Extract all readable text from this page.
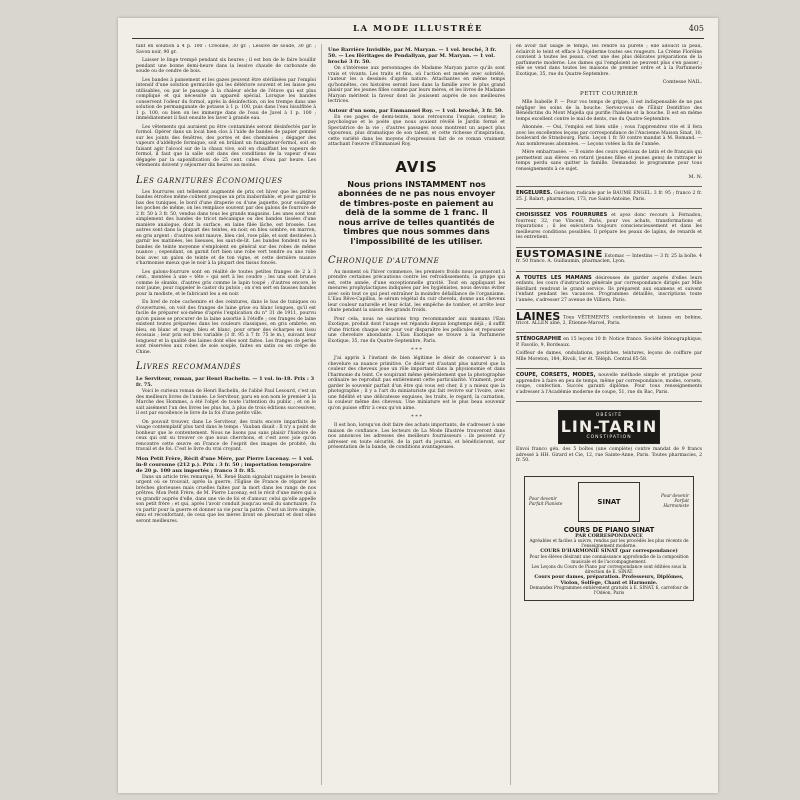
LA MODE ILLUSTRÉE	405

tant en solution à 4 p. 100 : Créoline, 30 gr. ; Lessive de soude, 30 gr. ; Savon noir, 90 gr.

Laisser le linge trempé pendant six heures ; il est bon de le faire bouillir pendant une bonne demi-heure dans la lessive chaude de carbonate de soude ou de cendre de bois.

Les bandes à pansement et les gazes peuvent être stérilisées par l'emploi intensif d'une solution germicide qui les détériore souvent et les laisse peu utilisables, ou par le passage à la chaleur sèche de l'étuve qui est plus compliqué et qui nécessite un appareil spécial. Lorsque les bandes conservent l'odeur du formol, après la désinfection, on les trempe dans une solution de permanganate de potasse à 1 p. 100, puis dans l'eau bisulfitée à 1 p. 100, ou bien on les immerge dans de l'eau de Javel à 1 p. 100 ; immédiatement il faut ensuite les laver à grande eau.

Les vêtements qui auraient pu être contaminés seront désinfectés par le formol. Opérer dans un local bien clos à l'aide de bandes de papier gommé sur les joints des fenêtres, des portes et des cheminées ; dégager des vapeurs d'aldéhyde formique, soit en brûlant un fumigateur-formol, soit en faisant agir l'alcool sur de la chaux vive, soit en chauffant les vapeurs de formol, il faut que la salle soit dans des conditions de la vapeur d'eau dégagée par la saponification de 25 cent. cubes d'eau par heure. Les vêtements doivent y séjourner dix heures au moins.

LES GARNITURES ÉCONOMIQUES

Les fourrures ont tellement augmenté de prix cet hiver que les petites bandes étroites même coûtent presque un prix inabordable, et pour garnir le bas des tuniques, le bord d'une draperie ou d'une jaquette, pour souligner les poches de même, on les remplace souvent par des galons de fourrure de 2 fr. 50 à 3 fr. 50, vendus dans tous les grands magasins. Les unes sont tout simplement des bandes de tricot mécanique ou des bandes tissées d'une manière analogue, dont la surface, en laine filée lâche, est brossée. Les autres sont dans la plupart des teintes, en noir, en bleu sombre, en marron, en gris argent : d'autres sont mauve, bleu ciel, rose pâle, et sont destinées à garnir les matinées, les liseuses, les saut-de-lit. Les bandes fondent ou les bandes de teinte moyenne s'emploient en général sur des robes de même nuance ; cependant, on garnit fort bien une robe vert tendre ou une robe bois avec un galon de teinte et de ton vigne, et cette dernière nuance s'harmonise mieux que le noir à la plupart des tissus foncés.

Les galons-fourrure sont en réalité de toutes petites franges de 2 à 3 cent., montées à une « tête » qui sert à les coudre ; les uns sont brunes comme le skunks, d'autres gris comme le lapin toupé ; d'autres encore, le noir jaune, pour rappeler le castor du putois ; on s'en sert en fausses bandes pour la modiste, et le fabricant les a en noir.

En bref de robe cachemire et des ceintures, dans le bas de tuniques ou d'ouvertures, on voit des franges de laine grise ou blanc longues, qu'il est facile de préparer soi-même d'après l'explication du n° 31 de 1911, pourvu qu'on puisse se procurer de la laine assortie à l'étoffe ; ces franges de laine existent toutes préparées dans les couleurs classiques, en gris ombrée, en bleu, en blanc et rouge, bleu et blanc, pour orner des écharpes en tissu écossais ; leur prix est très variable (3 fr. 95 à 7 fr. 75 le m.), suivant leur longueur et la qualité des laines dont elles sont faites. Les franges de perles sont réservées aux robes de soie souple, faites en satin ou en crêpe de Chine.

LIVRES RECOMMANDÉS
Le Serviteur, roman, par Henri Bachelin. — 1 vol. in-18. Prix : 3 fr. 75.

Voici le curieux roman de Henri Bachelin, de l'abbé Paul Lesourd, c'est un des meilleurs livres de l'année. Le Serviteur, paru en son nom le premier à la Marche des Hommes, a été l'objet de toute l'attention du public ; et on le sait aisément l'un des livres les plus lus, à plus de trois éditions successives, il est par excellence le livre de la foi d'une petite ville.

On pouvait trouver, dans Le Serviteur, des traits encore imparfaits de visage contemplatif plus tard dans le temps : Vauban disait : Il n'y a point de bonheur que le contentement. Nous ne lisons pas sans plaisir l'histoire de ceux qui ont su trouver ce que nous cherchons, et c'est avec joie qu'on rencontre cette œuvre en France de l'esprit des images de probité, du travail et de foi. C'est le livre du vrai croyant.

Mon Petit Frère, Récit d'une Mère, par Pierre Lucenay. — 1 vol. in-8 couronne (212 p.). Prix : 3 fr. 50 ; importation temporaire de 20 p. 100 aux importés ; franco 3 fr. 85.

Dans un article très remarqué, M. René Bazin signalait naguère le besoin urgent où se trouvait, après la guerre, l'Église de France de réparer les brèches glorieuses mais cruelles faites par la mort dans les rangs de nos prêtres. Mon Petit Frère, de M. Pierre Lucenay, est le récit d'une mère qui a vu grandir auprès d'elle, dans une vie de foi et d'amour, celui qu'elle appelle son petit frère ; et qui, après l'avoir conduit jusqu'au seuil du sanctuaire, l'a vu partir pour la guerre et donner sa vie pour la patrie. C'est un livre simple, ému et réconfortant, de ceux que les mères liront en pleurant et dont elles seront meilleures.

Une Barrière Invisible, par M. Maryan. — 1 vol. broché, 3 fr. 50. — Les Héritages de Pendallyan, par M. Maryan. — 1 vol. broché 3 fr. 50.

On s'intéresse aux personnages de Madame Maryan parce qu'ils sont vrais et vivants. Les traits et fins, où l'action est menée avec sobriété, l'auteur les a dessinés d'après nature. Attachantes en même temps qu'honnêtes, ces histoires seront lues dans la famille avec le plus grand plaisir par les jeunes filles comme par leurs mères, et les livres de Madame Maryan méritent la faveur dont ils jouissent auprès de nos meilleures lectrices.

Autour d'un nom, par Emmanuel Roy. — 1 vol. broché, 3 fr. 50.

En ces pages de demi-teinte, nous retrouvons l'exquis conteur, le psychologue et le poète que nous avaient révélé le Jardin fermé et Spectatrice de la vie ; d'autres passages nous montrent un aspect plus vigoureux, plus dramatique de son talent, et cette richesse d'inspiration, cette variété dans les moyens d'expression fait de ce roman vraiment attachant l'œuvre d'Emmanuel Roy.

AVIS
Nous prions INSTAMMENT nos abonnées de ne pas nous envoyer de timbres-poste en paiement au delà de la somme de 1 franc. Il nous arrive de telles quantités de timbres que nous sommes dans l'impossibilité de les utiliser.
CHRONIQUE D'AUTOMNE

Au moment où l'hiver commence, les premiers froids nous pousseront à prendre certaines précautions contre les refroidissements, la grippe qui est, cette année, d'une exceptionnelle gravité. Tout en appliquant les mesures prophylactiques indiquées par les hygiénistes, nous devons éviter avec soin tout ce qui peut entraîner la moindre défaillance de l'organisme. L'Eau Rêve-Capillus, le sérum végétal du cuir chevelu, donne aux cheveux leur couleur naturelle et leur éclat, les empêche de tomber, et arrête leur chute pendant la saison des grands froids.

Pour cela, nous ne saurions trop recommander aux mamans l'Eau Exotique, produit dont l'usage est répandu depuis longtemps déjà ; il suffit d'une friction chaque soir pour voir disparaître les pellicules et repousser une chevelure abondante. L'Eau Exotique se trouve à la Parfumerie Exotique, 35, rue du Quatre-Septembre, Paris.

* * *

J'ai appris à l'instant de bien légitime le désir de conserver à sa chevelure sa nuance primitive. Ce désir est d'autant plus naturel que la couleur des cheveux joue un rôle important dans la physionomie et dans l'harmonie du teint. Ce soupirant même généralement que la photographie ordinaire ne reproduit pas entièrement cette particularité. Vraiment, pour garder le souvenir parfait d'un être qui vous est cher, il y a mieux que la photographie ; il y a l'art du miniaturiste qui fait revivre sur l'ivoire, avec une fidélité et une délicatesse exquises, les traits, le regard, la carnation, la couleur même des cheveux. Une miniature est le plus beau souvenir qu'on puisse offrir à ceux qu'on aime.

* * *

Il est bon, lorsqu'on doit faire des achats importants, de s'adresser à une maison de confiance. Les lecteurs de La Mode Illustrée trouveront dans nos annonces les adresses des meilleurs fournisseurs : ils peuvent s'y adresser en toute sécurité, de la part du journal, et bénéficieront, sur présentation de la bande, de conditions avantageuses.

en avoir fait usage le temps, les rendre sa pureté ; elle adoucit la peau, éclaircit le teint et efface à l'épiderme toutes ses rougeurs. La Crème Floréine convient à toutes les peaux, c'est une des plus délicates préparations de la parfumerie moderne. Les dames qui l'emploient ne peuvent plus s'en passer ; elle se vend dans toutes les maisons de premier ordre et à la Parfumerie Exotique, 35, rue du Quatre-Septembre.

Comtesse NAIL.
PETIT COURRIER

Mlle Isabelle P. — Pour vos temps de grippe, il est indispensable de ne pas négliger les soins de la bouche. Servez-vous de l'Élixir Dentifrice des Bénédictins du Mont Majella qui purifie l'haleine et la bouche. Il est en même temps excellent contre le mal de dents, rue du Quatre-Septembre.

Abonnée. — Oui, l'emploi est bien utile ; vous l'apprendrez vite et il fera avec les excellentes leçons par correspondance de l'Ancienne Maison Sinat, 10, boulevard de Strasbourg, Paris. Leçon 1 fr. 50 contre mandat à M. Romand. — Aux nombreuses abonnées. — Leçons votées la fin de l'année.

Mère embarrassée. — Il existe des cours spéciaux de latin et de français qui permettent aux élèves en retard (jeunes filles et jeunes gens) de rattraper le temps perdu sans quitter la famille. Demandez le programme pour tous renseignements à ce sujet.

M. N.

ENGELURES. Guérison radicale par le BAUME ENGEL. 3 fr. 95 ; franco 2 fr. 25. J. Balart, pharmacien, 173, rue Saint-Antoine, Paris.

CHOISISSEZ VOS FOURRURES et ayez donc recours à Fernadou, fourreur, 32, rue Vincent, Paris, pour vos achats, transformations et réparations ; il les exécutera toujours consciencieusement et dans les meilleures conditions possibles. Il prépare les peaux de lapins, de renards et les entretient.

EUSTOMASINE Estomac — Intestins — 3 fr. 25 la boîte. 4 fr. 50 franco. A. Guillaumin, pharmacien, Lyon.

A TOUTES LES MAMANS désireuses de garder auprès d'elles leurs enfants, les cours d'instruction générale par correspondance dirigés par Mlle Bérillard rendront le grand service. Ils préparent aux examens et suivent l'enfant pendant les vacances. Programmes détaillés, inscriptions toute l'année, s'adresser 27 avenue de Villiers, Paris.

LAINES Tous VÊTEMENTS confectionnés et laines en bobine, tricot. ALLEN aîné, 2, Étienne-Marcel, Paris.

STÉNOGRAPHIE en 15 leçons 10 fr. Notice franco. Société Sténographique, P. Favollo, 9, Bordeaux.

Coiffeur de dames, ondulations, postiches, teintures, leçons de coiffure par Mlle Moreton, 184, Rivoli, 1er ét. Téléph. Central 65-58.

COUPE, CORSETS, MODES, nouvelle méthode simple et pratique pour apprendre à faire en peu de temps, même par correspondance, modes, corsets, coupe, confection. Succès garanti diplôme. Pour tous renseignements s'adresser à l'Académie moderne de coupe, 51, rue du Bac, Paris.

OBÉSITÉ
LIN-TARIN
CONSTIPATION

Envoi franco gén. des 5 boîtes (une complète) contre mandat de 9 francs adressé à HH. Girard et Cie, 12, rue Sainte-Anne, Paris. Toutes pharmacies, 2 fr. 50.

Pour devenir Parfait Pianiste	SINAT
Pour devenir Parfait Harmoniste
COURS DE PIANO SINAT
PAR CORRESPONDANCE
Agréables et faciles à suivre, rendus par les procédés les plus récents de l'enseignement moderne.
COURS D'HARMONIE SINAT (par correspondance)
Pour les élèves désirant une connaissance approfondie de la composition musicale et de l'accompagnement.
Les Leçons du Cours de Piano par correspondance sont éditées sous la direction de E. SINAT.
Cours pour dames, préparation. Professeurs, Diplômes, Violon, Solfège, Chant et Harmonie.
Demandez Programmes entièrement gratuits à E. SINAT, 6, carrefour de l'Odéon, Paris
